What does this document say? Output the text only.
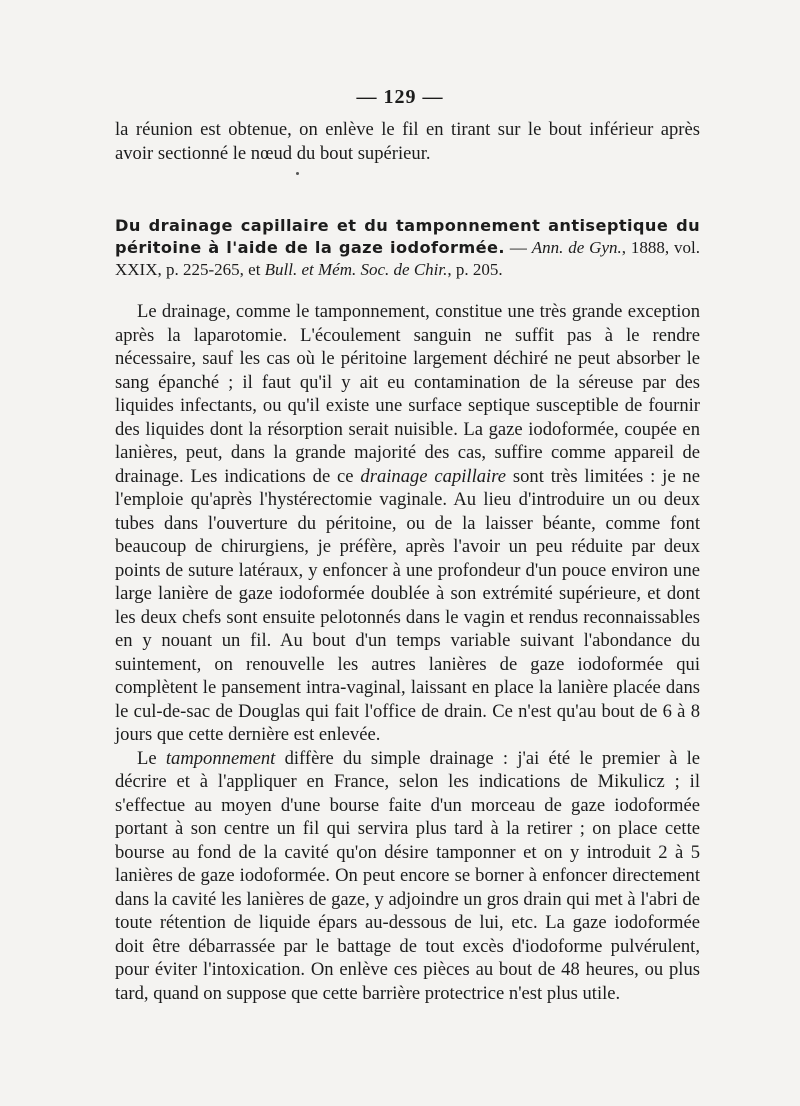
— 129 —
la réunion est obtenue, on enlève le fil en tirant sur le bout inférieur après avoir sectionné le nœud du bout supérieur.
Du drainage capillaire et du tamponnement antiseptique du péritoine à l'aide de la gaze iodoformée. — Ann. de Gyn., 1888, vol. XXIX, p. 225-265, et Bull. et Mém. Soc. de Chir., p. 205.

Le drainage, comme le tamponnement, constitue une très grande exception après la laparotomie. L'écoulement sanguin ne suffit pas à le rendre nécessaire, sauf les cas où le péritoine largement déchiré ne peut absorber le sang épanché ; il faut qu'il y ait eu contamination de la séreuse par des liquides infectants, ou qu'il existe une surface septique susceptible de fournir des liquides dont la résorption serait nuisible. La gaze iodoformée, coupée en lanières, peut, dans la grande majorité des cas, suffire comme appareil de drainage. Les indications de ce drainage capillaire sont très limitées : je ne l'emploie qu'après l'hystérectomie vaginale. Au lieu d'introduire un ou deux tubes dans l'ouverture du péritoine, ou de la laisser béante, comme font beaucoup de chirurgiens, je préfère, après l'avoir un peu réduite par deux points de suture latéraux, y enfoncer à une profondeur d'un pouce environ une large lanière de gaze iodoformée doublée à son extrémité supérieure, et dont les deux chefs sont ensuite pelotonnés dans le vagin et rendus reconnaissables en y nouant un fil. Au bout d'un temps variable suivant l'abondance du suintement, on renouvelle les autres lanières de gaze iodoformée qui complètent le pansement intra-vaginal, laissant en place la lanière placée dans le cul-de-sac de Douglas qui fait l'office de drain. Ce n'est qu'au bout de 6 à 8 jours que cette dernière est enlevée.

Le tamponnement diffère du simple drainage : j'ai été le premier à le décrire et à l'appliquer en France, selon les indications de Mikulicz ; il s'effectue au moyen d'une bourse faite d'un morceau de gaze iodoformée portant à son centre un fil qui servira plus tard à la retirer ; on place cette bourse au fond de la cavité qu'on désire tamponner et on y introduit 2 à 5 lanières de gaze iodoformée. On peut encore se borner à enfoncer directement dans la cavité les lanières de gaze, y adjoindre un gros drain qui met à l'abri de toute rétention de liquide épars au-dessous de lui, etc. La gaze iodoformée doit être débarrassée par le battage de tout excès d'iodoforme pulvérulent, pour éviter l'intoxication. On enlève ces pièces au bout de 48 heures, ou plus tard, quand on suppose que cette barrière protectrice n'est plus utile.
